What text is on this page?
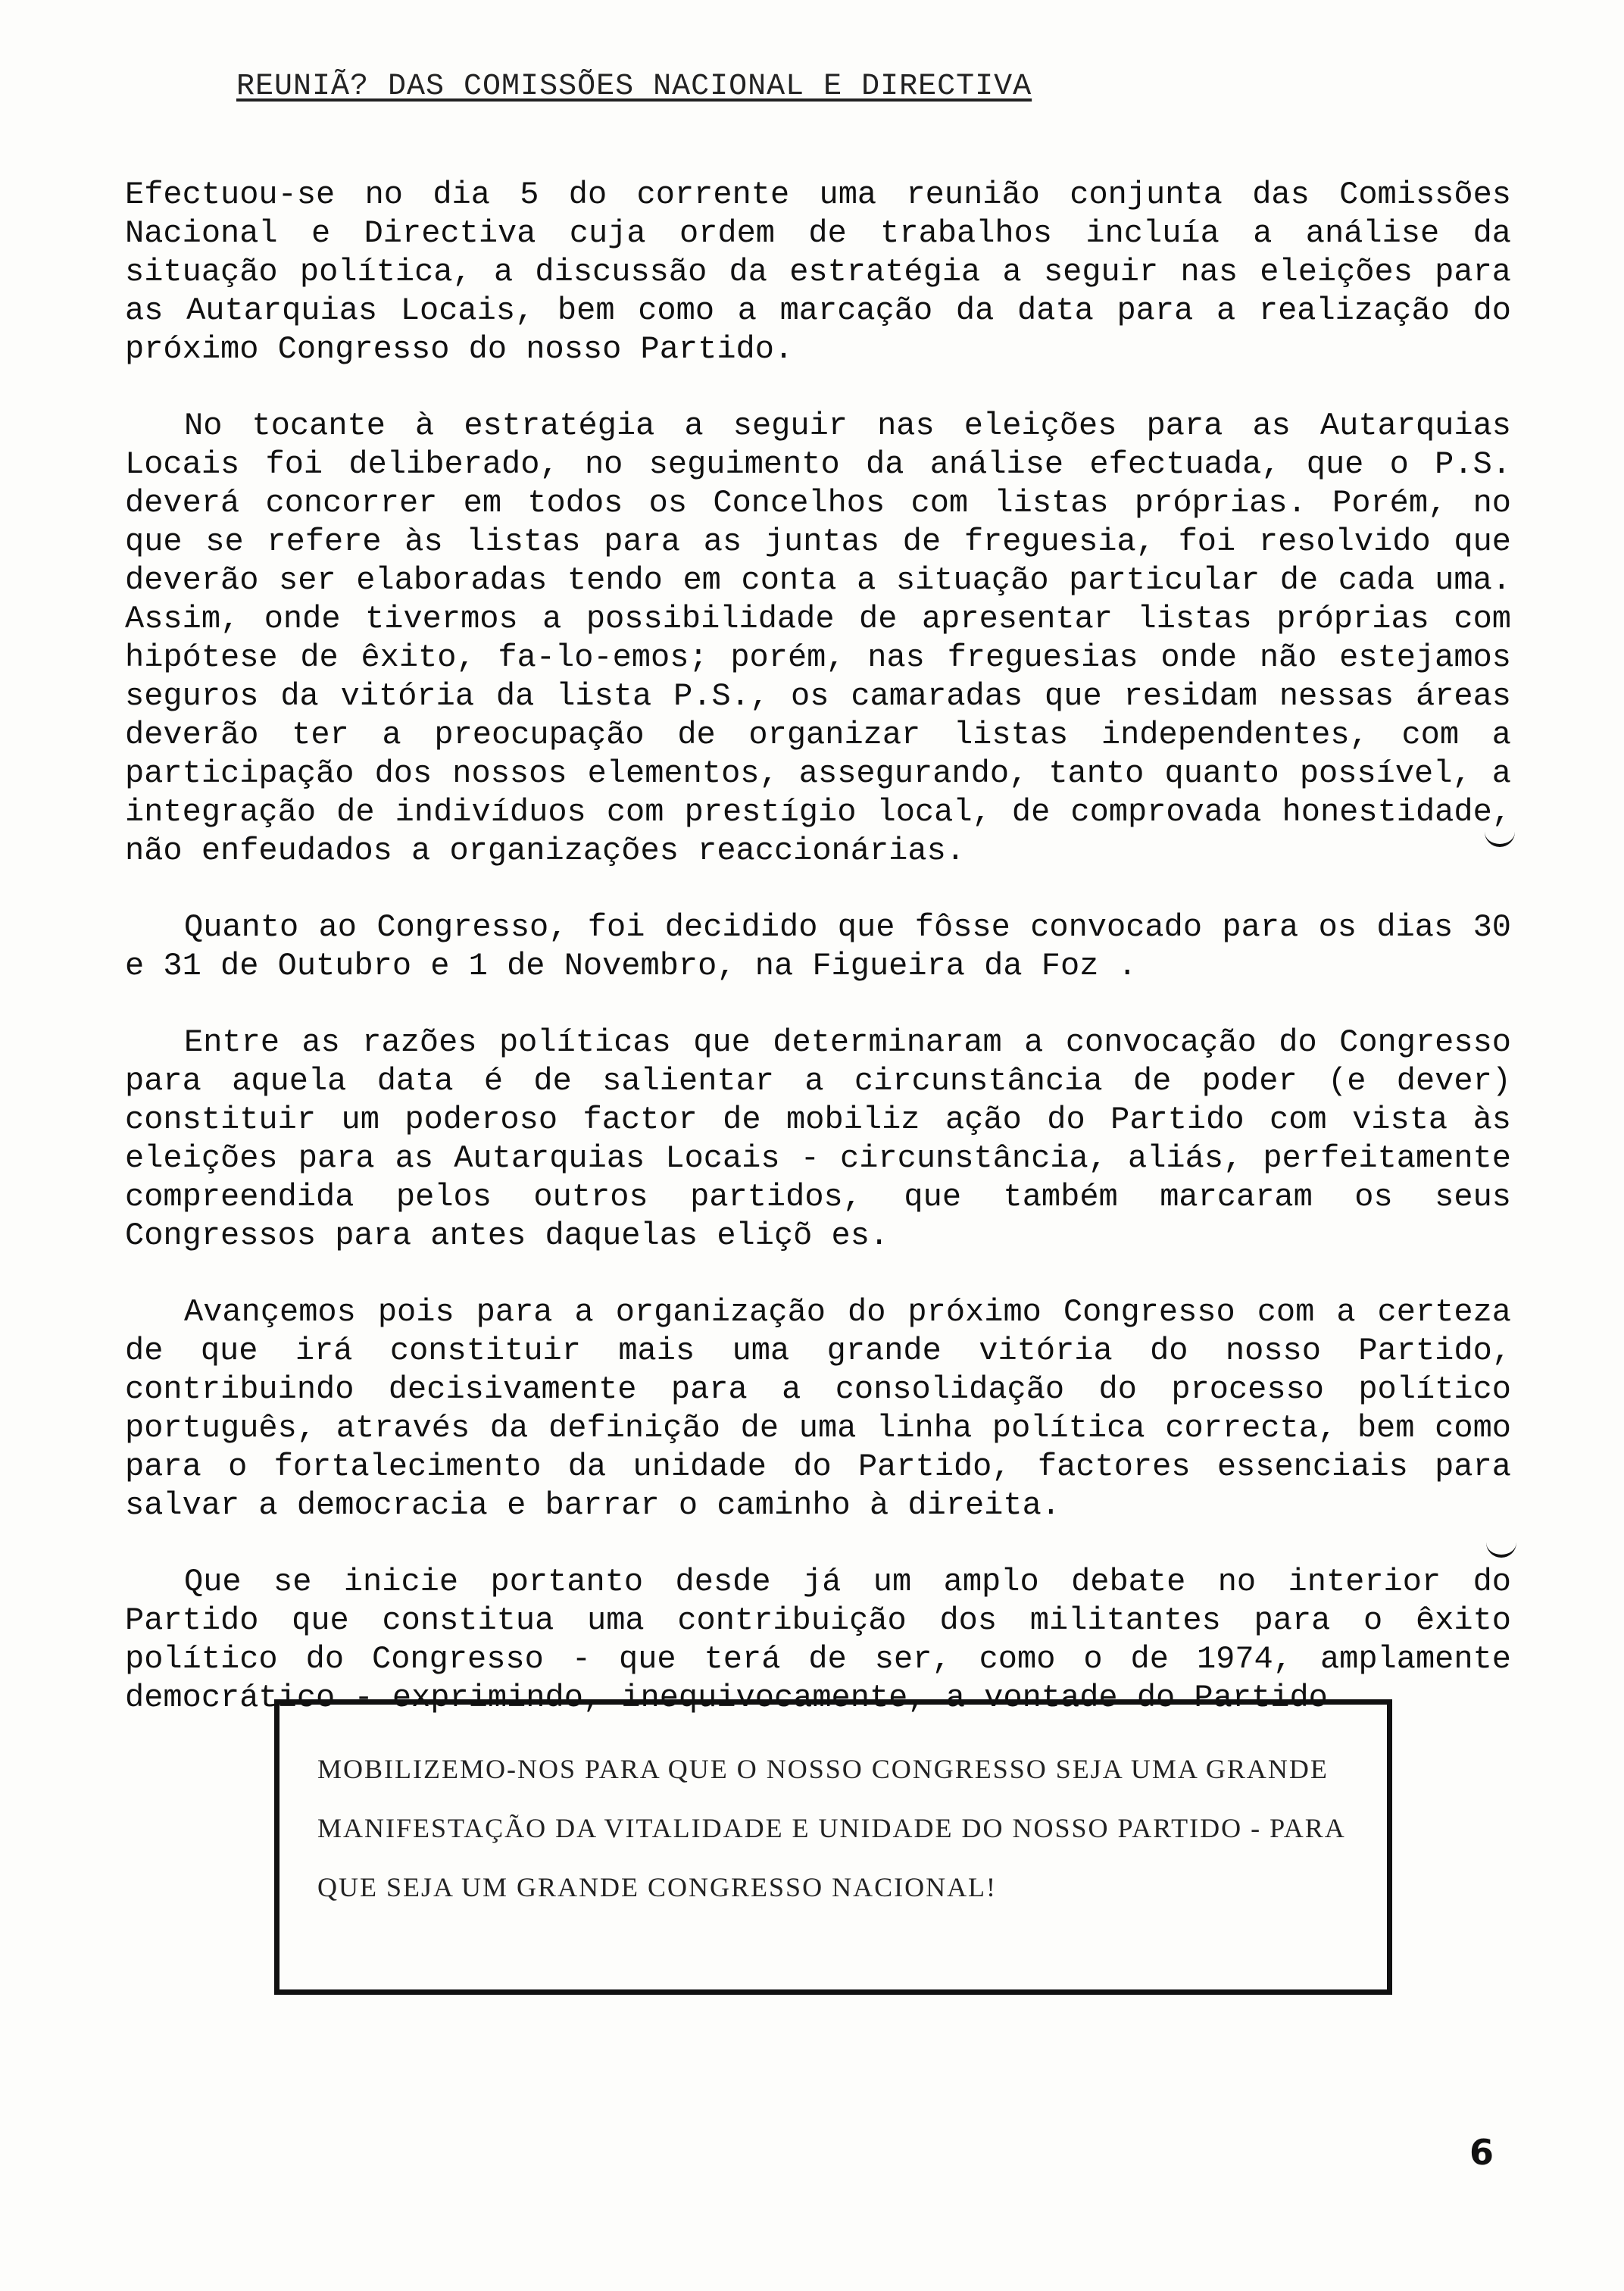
REUNIÃ? DAS COMISSÕES NACIONAL E DIRECTIVA

Efectuou-se no dia 5 do corrente uma reunião conjunta das Comissões Nacional e Directiva cuja ordem de trabalhos incluía a análise da situação política, a discussão da estratégia a seguir nas eleições para as Autarquias Locais, bem como a marcação da data para a realização do próximo Congresso do nosso Partido.

No tocante à estratégia a seguir nas eleições para as Autarquias Locais foi deliberado, no seguimento da análise efectuada, que o P.S. deverá concorrer em todos os Concelhos com listas próprias. Porém, no que se refere às listas para as juntas de freguesia, foi resolvido que deverão ser elaboradas tendo em conta a situação particular de cada uma. Assim, onde tivermos a possibilidade de apresentar listas próprias com hipótese de êxito, fa-lo-emos; porém, nas freguesias onde não estejamos seguros da vitória da lista P.S., os camaradas que residam nessas áreas deverão ter a preocupação de organizar listas independentes, com a participação dos nossos elementos, assegurando, tanto quanto possível, a integração de indivíduos com prestígio local, de comprovada honestidade, não enfeudados a organizações reaccionárias.

Quanto ao Congresso, foi decidido que fôsse convocado para os dias 30 e 31 de Outubro e 1 de Novembro, na Figueira da Foz .

Entre as razões políticas que determinaram a convocação do Congresso para aquela data é de salientar a circunstância de poder (e dever) constituir um poderoso factor de mobiliz ação do Partido com vista às eleições para as Autarquias Locais - circunstância, aliás, perfeitamente compreendida pelos outros partidos, que também marcaram os seus Congressos para antes daquelas eliçõ es.

Avançemos pois para a organização do próximo Congresso com a certeza de que irá constituir mais uma grande vitória do nosso Partido, contribuindo decisivamente para a consolidação do processo político português, através da definição de uma linha política correcta, bem como para o fortalecimento da unidade do Partido, factores essenciais para salvar a democracia e barrar o caminho à direita.

Que se inicie portanto desde já um amplo debate no interior do Partido que constitua uma contribuição dos militantes para o êxito político do Congresso - que terá de ser, como o de 1974, amplamente democrático - exprimindo, inequivocamente, a vontade do Partido

MOBILIZEMO-NOS PARA QUE O NOSSO CONGRESSO SEJA UMA GRANDE MANIFESTAÇÃO DA VITALIDADE E UNIDADE DO NOSSO PARTIDO - PARA QUE SEJA UM GRANDE CONGRESSO NACIONAL!

6
